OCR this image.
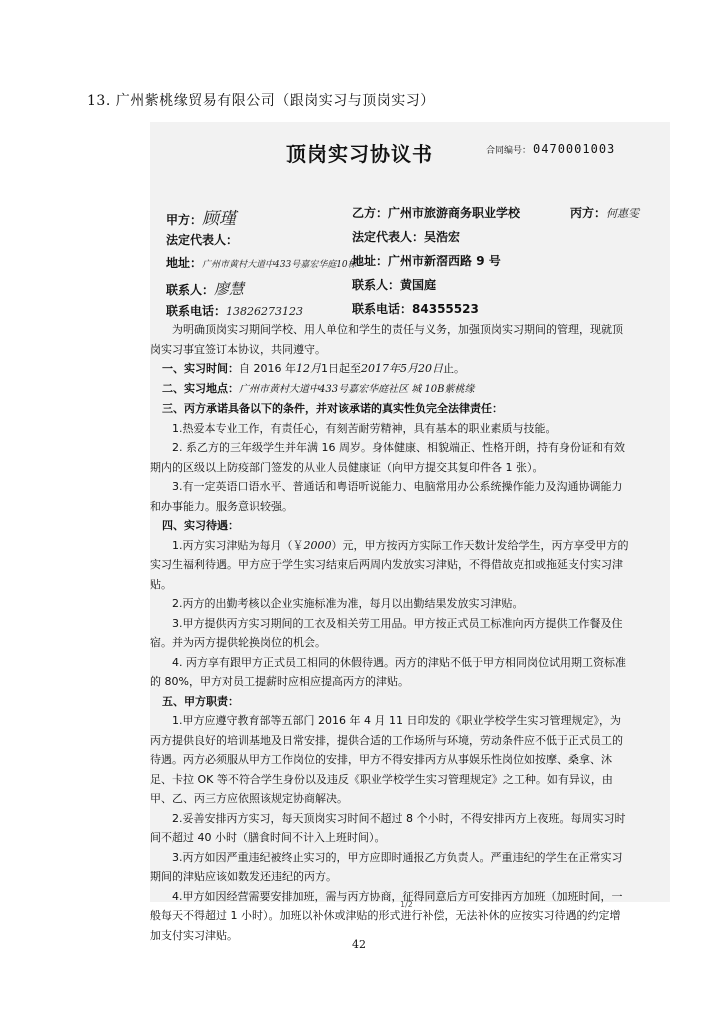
13. 广州紫桃缘贸易有限公司（跟岗实习与顶岗实习）
顶岗实习协议书	合同编号： 0470001003
甲方：顾瑾
法定代表人：
地址：广州市黄村大道中433号嘉宏华庭10栋
联系人：廖慧
联系电话：13826273123
乙方：广州市旅游商务职业学校
法定代表人：吴浩宏
地址：广州市新滘西路 9 号
联系人：黄国庭
联系电话：84355523
丙方：何惠雯

为明确顶岗实习期间学校、用人单位和学生的责任与义务，加强顶岗实习期间的管理，现就顶岗实习事宜签订本协议，共同遵守。

一、实习时间：自 2016 年12月1日起至2017年5月20日止。

二、实习地点：广州市黄村大道中433号嘉宏华庭社区 城 10B紫桃缘

三、丙方承诺具备以下的条件，并对该承诺的真实性负完全法律责任：

1.热爱本专业工作，有责任心，有刻苦耐劳精神，具有基本的职业素质与技能。

2. 系乙方的三年级学生并年满 16 周岁。身体健康、相貌端正、性格开朗，持有身份证和有效期内的区级以上防疫部门签发的从业人员健康证（向甲方提交其复印件各 1 张）。

3.有一定英语口语水平、普通话和粤语听说能力、电脑常用办公系统操作能力及沟通协调能力和办事能力。服务意识较强。

四、实习待遇：

1.丙方实习津贴为每月（￥2000）元，甲方按丙方实际工作天数计发给学生，丙方享受甲方的实习生福利待遇。甲方应于学生实习结束后两周内发放实习津贴，不得借故克扣或拖延支付实习津贴。

2.丙方的出勤考核以企业实施标准为准，每月以出勤结果发放实习津贴。

3.甲方提供丙方实习期间的工衣及相关劳工用品。甲方按正式员工标准向丙方提供工作餐及住宿。并为丙方提供轮换岗位的机会。

4. 丙方享有跟甲方正式员工相同的休假待遇。丙方的津贴不低于甲方相同岗位试用期工资标准的 80%，甲方对员工提薪时应相应提高丙方的津贴。

五、甲方职责：

1.甲方应遵守教育部等五部门 2016 年 4 月 11 日印发的《职业学校学生实习管理规定》，为丙方提供良好的培训基地及日常安排，提供合适的工作场所与环境，劳动条件应不低于正式员工的待遇。丙方必须服从甲方工作岗位的安排，甲方不得安排丙方从事娱乐性岗位如按摩、桑拿、沐足、卡拉 OK 等不符合学生身份以及违反《职业学校学生实习管理规定》之工种。如有异议，由甲、乙、丙三方应依照该规定协商解决。

2.妥善安排丙方实习，每天顶岗实习时间不超过 8 个小时，不得安排丙方上夜班。每周实习时间不超过 40 小时（膳食时间不计入上班时间）。

3.丙方如因严重违纪被终止实习的，甲方应即时通报乙方负责人。严重违纪的学生在正常实习期间的津贴应该如数发还违纪的丙方。

4.甲方如因经营需要安排加班，需与丙方协商，征得同意后方可安排丙方加班（加班时间，一般每天不得超过 1 小时）。加班以补休或津贴的形式进行补偿，无法补休的应按实习待遇的约定增加支付实习津贴。

1/2
42
